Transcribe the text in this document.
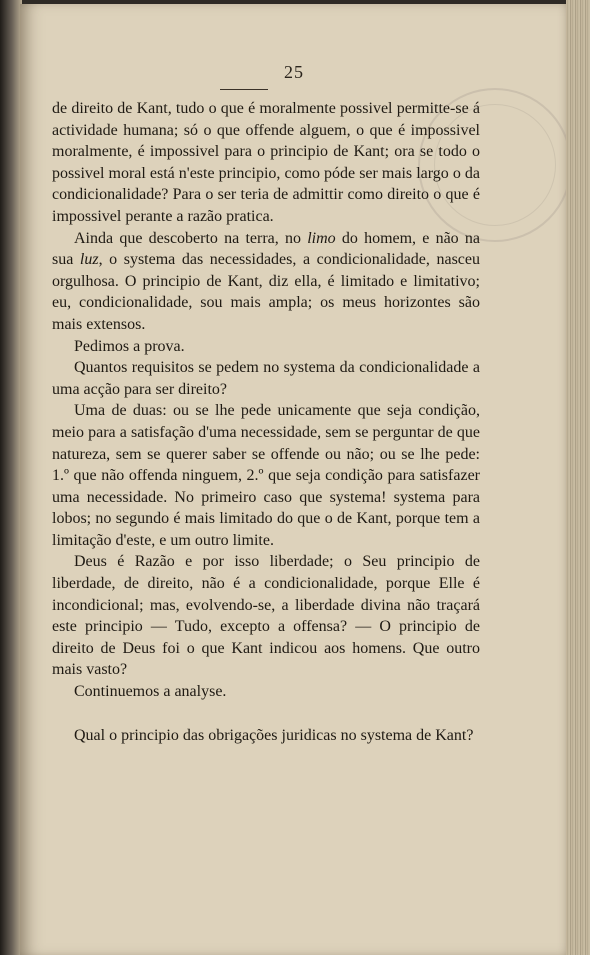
25

de direito de Kant, tudo o que é moralmente possivel permitte-se á actividade humana; só o que offende alguem, o que é impossivel moralmente, é impossivel para o principio de Kant; ora se todo o possivel moral está n'este principio, como póde ser mais largo o da condicionalidade? Para o ser teria de admittir como direito o que é impossivel perante a razão pratica.

Ainda que descoberto na terra, no limo do homem, e não na sua luz, o systema das necessidades, a condicionalidade, nasceu orgulhosa. O principio de Kant, diz ella, é limitado e limitativo; eu, condicionalidade, sou mais ampla; os meus horizontes são mais extensos.

Pedimos a prova.

Quantos requisitos se pedem no systema da condicionalidade a uma acção para ser direito?

Uma de duas: ou se lhe pede unicamente que seja condição, meio para a satisfação d'uma necessidade, sem se perguntar de que natureza, sem se querer saber se offende ou não; ou se lhe pede: 1.º que não offenda ninguem, 2.º que seja condição para satisfazer uma necessidade. No primeiro caso que systema! systema para lobos; no segundo é mais limitado do que o de Kant, porque tem a limitação d'este, e um outro limite.

Deus é Razão e por isso liberdade; o Seu principio de liberdade, de direito, não é a condicionalidade, porque Elle é incondicional; mas, evolvendo-se, a liberdade divina não traçará este principio — Tudo, excepto a offensa? — O principio de direito de Deus foi o que Kant indicou aos homens. Que outro mais vasto?

Continuemos a analyse.

Qual o principio das obrigações juridicas no systema de Kant?
